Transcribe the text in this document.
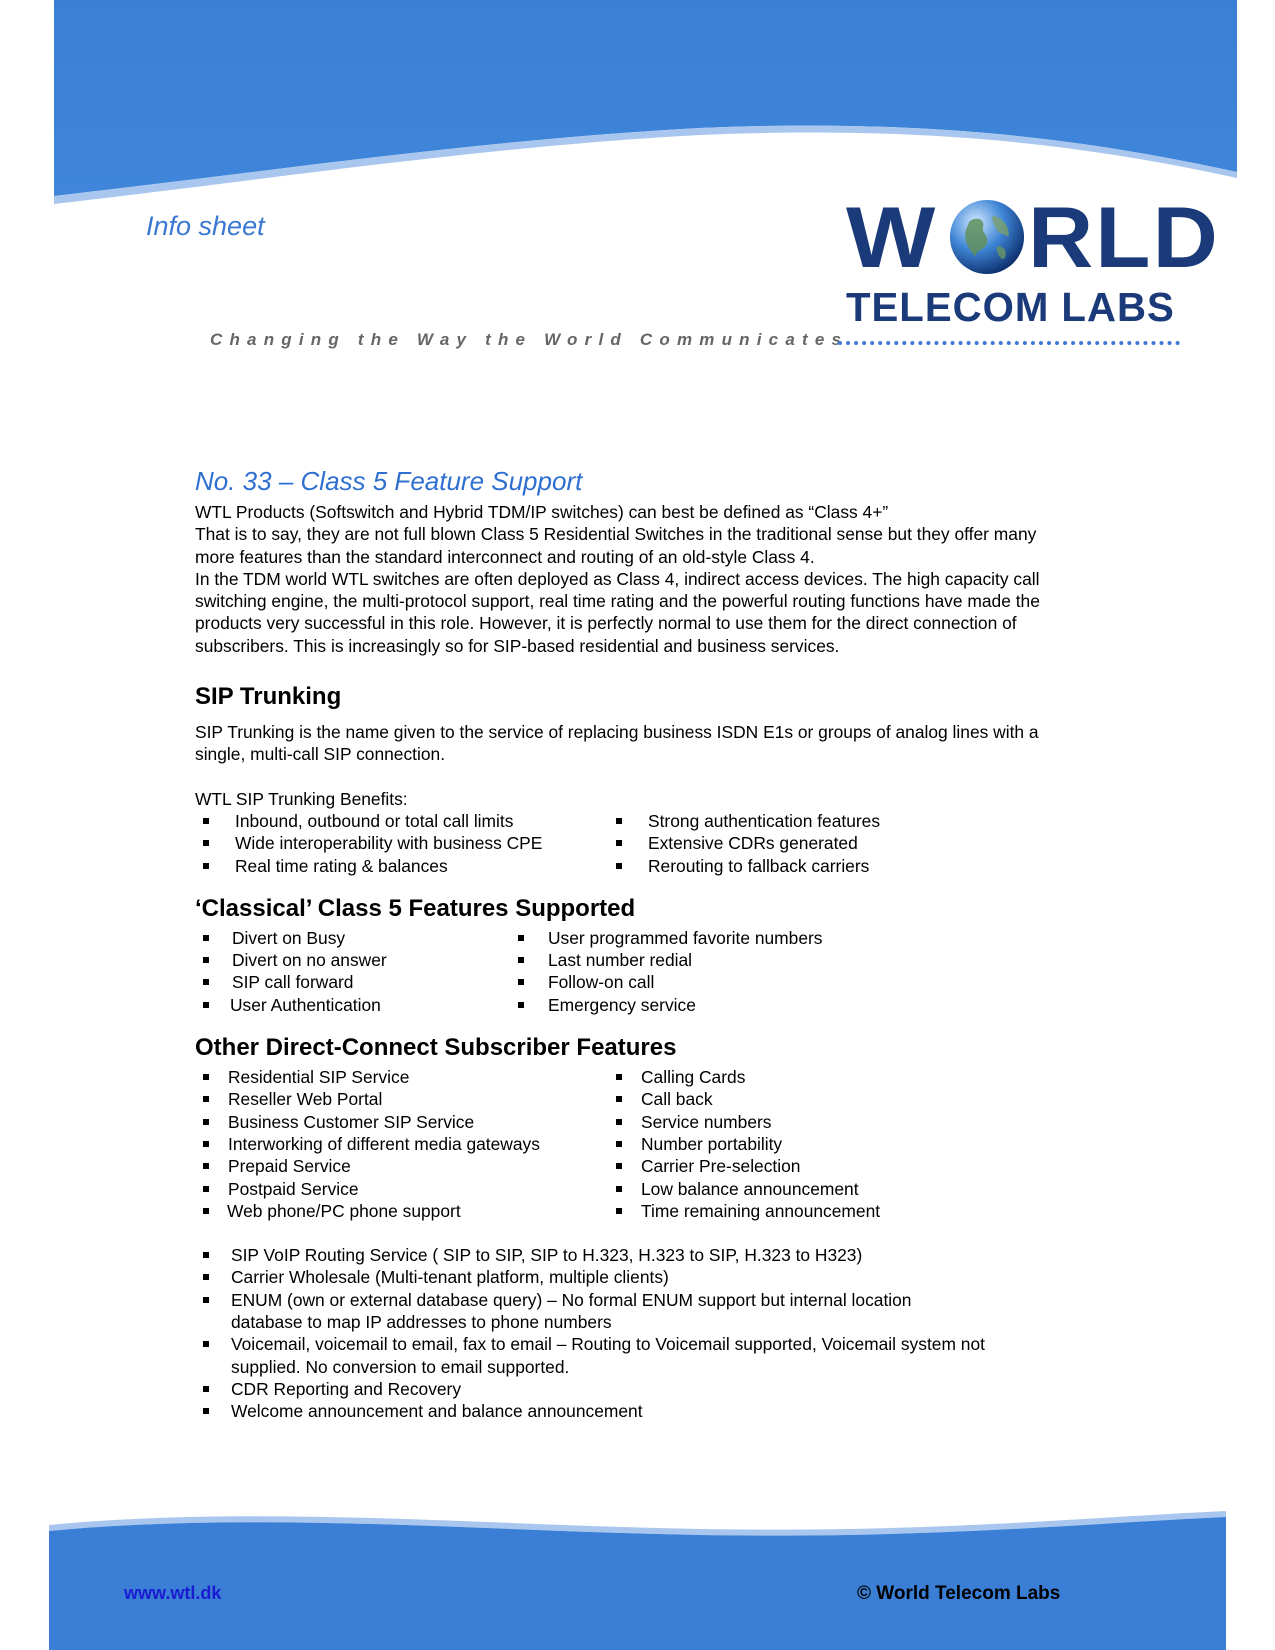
Info sheet	W RLD
TELECOM LABS
Changing the Way the World Communicates
No. 33 – Class 5 Feature Support

WTL Products (Softswitch and Hybrid TDM/IP switches) can best be defined as “Class 4+”

That is to say, they are not full blown Class 5 Residential Switches in the traditional sense but they offer many more features than the standard interconnect and routing of an old-style Class 4.

In the TDM world WTL switches are often deployed as Class 4, indirect access devices. The high capacity call switching engine, the multi-protocol support, real time rating and the powerful routing functions have made the products very successful in this role. However, it is perfectly normal to use them for the direct connection of subscribers. This is increasingly so for SIP-based residential and business services.

SIP Trunking

SIP Trunking is the name given to the service of replacing business ISDN E1s or groups of analog lines with a single, multi-call SIP connection.

WTL SIP Trunking Benefits:

Inbound, outbound or total call limits	Strong authentication features
Wide interoperability with business CPE	Extensive CDRs generated
Real time rating & balances	Rerouting to fallback carriers
‘Classical’ Class 5 Features Supported
Divert on Busy	User programmed favorite numbers
Divert on no answer	Last number redial
SIP call forward	Follow-on call
User Authentication	Emergency service
Other Direct-Connect Subscriber Features
Residential SIP Service	Calling Cards
Reseller Web Portal	Call back
Business Customer SIP Service	Service numbers
Interworking of different media gateways	Number portability
Prepaid Service	Carrier Pre-selection
Postpaid Service	Low balance announcement
Web phone/PC phone support	Time remaining announcement
SIP VoIP Routing Service ( SIP to SIP, SIP to H.323, H.323 to SIP, H.323 to H323)
Carrier Wholesale (Multi-tenant platform, multiple clients)
ENUM (own or external database query) – No formal ENUM support but internal location database to map IP addresses to phone numbers
Voicemail, voicemail to email, fax to email – Routing to Voicemail supported, Voicemail system not supplied. No conversion to email supported.
CDR Reporting and Recovery
Welcome announcement and balance announcement
www.wtl.dk	© World Telecom Labs
